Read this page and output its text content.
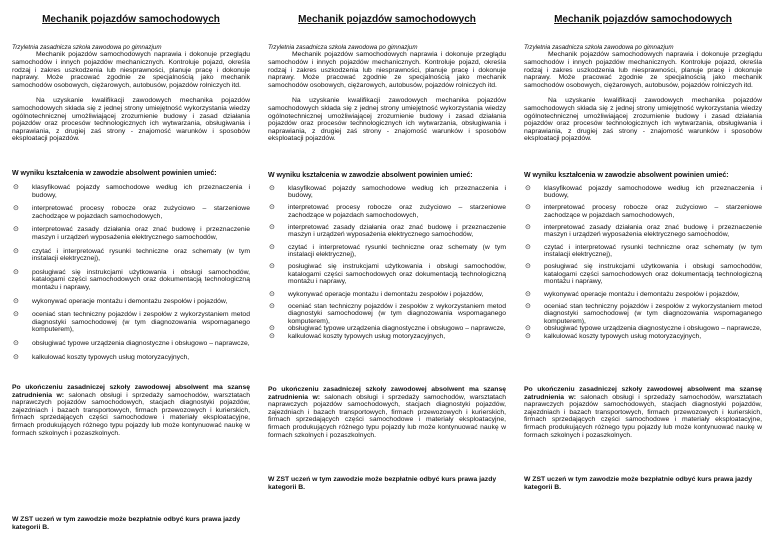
Mechanik pojazdów samochodowych
Trzyletnia zasadnicza szkoła zawodowa po gimnazjum
Mechanik pojazdów samochodowych naprawia i dokonuje przeglądu samochodów i innych pojazdów mechanicznych. Kontroluje pojazd, określa rodzaj i zakres uszkodzenia lub niesprawności, planuje pracę i dokonuje naprawy. Może pracować zgodnie ze specjalnością jako mechanik samochodów osobowych, ciężarowych, autobusów, pojazdów rolniczych itd.
Na uzyskanie kwalifikacji zawodowych mechanika pojazdów samochodowych składa się z jednej strony umiejętność wykorzystania wiedzy ogólnotechnicznej umożliwiającej zrozumienie budowy i zasad działania pojazdów oraz procesów technologicznych ich wytwarzania, obsługiwania i naprawiania, z drugiej zaś strony - znajomość warunków i sposobów eksploatacji pojazdów.
W wyniku kształcenia w zawodzie absolwent powinien umieć:
⊙ klasyfikować pojazdy samochodowe według ich przeznaczenia i budowy,
⊙ interpretować procesy robocze oraz zużyciowo – starzeniowe zachodzące w pojazdach samochodowych,
⊙ interpretować zasady działania oraz znać budowę i przeznaczenie maszyn i urządzeń wyposażenia elektrycznego samochodów,
⊙ czytać i interpretować rysunki techniczne oraz schematy (w tym instalacji elektrycznej),
⊙ posługiwać się instrukcjami użytkowania i obsługi samochodów, katalogami części samochodowych oraz dokumentacją technologiczną montażu i naprawy,
⊙ wykonywać operacje montażu i demontażu zespołów i pojazdów,
⊙ oceniać stan techniczny pojazdów i zespołów z wykorzystaniem metod diagnostyki samochodowej (w tym diagnozowania wspomaganego komputerem),
⊙ obsługiwać typowe urządzenia diagnostyczne i obsługowo – naprawcze,
⊙ kalkulować koszty typowych usług motoryzacyjnych,
Po ukończeniu zasadniczej szkoły zawodowej absolwent ma szansę zatrudnienia w: salonach obsługi i sprzedaży samochodów, warsztatach naprawczych pojazdów samochodowych, stacjach diagnostyki pojazdów, zajezdniach i bazach transportowych, firmach przewozowych i kurierskich, firmach sprzedających części samochodowe i materiały eksploatacyjne, firmach produkujących różnego typu pojazdy lub może kontynuować naukę w formach szkolnych i pozaszkolnych.
W ZST uczeń w tym zawodzie może bezpłatnie odbyć kurs prawa jazdy kategorii B.
Mechanik pojazdów samochodowych
Trzyletnia zasadnicza szkoła zawodowa po gimnazjum
Mechanik pojazdów samochodowych naprawia i dokonuje przeglądu samochodów i innych pojazdów mechanicznych. Kontroluje pojazd, określa rodzaj i zakres uszkodzenia lub niesprawności, planuje pracę i dokonuje naprawy. Może pracować zgodnie ze specjalnością jako mechanik samochodów osobowych, ciężarowych, autobusów, pojazdów rolniczych itd.
Na uzyskanie kwalifikacji zawodowych mechanika pojazdów samochodowych składa się z jednej strony umiejętność wykorzystania wiedzy ogólnotechnicznej umożliwiającej zrozumienie budowy i zasad działania pojazdów oraz procesów technologicznych ich wytwarzania, obsługiwania i naprawiania, z drugiej zaś strony - znajomość warunków i sposobów eksploatacji pojazdów.
W wyniku kształcenia w zawodzie absolwent powinien umieć:
⊙ klasyfikować pojazdy samochodowe według ich przeznaczenia i budowy,
⊙ interpretować procesy robocze oraz zużyciowo – starzeniowe zachodzące w pojazdach samochodowych,
⊙ interpretować zasady działania oraz znać budowę i przeznaczenie maszyn i urządzeń wyposażenia elektrycznego samochodów,
⊙ czytać i interpretować rysunki techniczne oraz schematy (w tym instalacji elektrycznej),
⊙ posługiwać się instrukcjami użytkowania i obsługi samochodów, katalogami części samochodowych oraz dokumentacją technologiczną montażu i naprawy,
⊙ wykonywać operacje montażu i demontażu zespołów i pojazdów,
⊙ oceniać stan techniczny pojazdów i zespołów z wykorzystaniem metod diagnostyki samochodowej (w tym diagnozowania wspomaganego komputerem),
⊙ obsługiwać typowe urządzenia diagnostyczne i obsługowo – naprawcze,
⊙ kalkulować koszty typowych usług motoryzacyjnych,
Po ukończeniu zasadniczej szkoły zawodowej absolwent ma szansę zatrudnienia w: salonach obsługi i sprzedaży samochodów, warsztatach naprawczych pojazdów samochodowych, stacjach diagnostyki pojazdów, zajezdniach i bazach transportowych, firmach przewozowych i kurierskich, firmach sprzedających części samochodowe i materiały eksploatacyjne, firmach produkujących różnego typu pojazdy lub może kontynuować naukę w formach szkolnych i pozaszkolnych.
W ZST uczeń w tym zawodzie może bezpłatnie odbyć kurs prawa jazdy kategorii B.
Mechanik pojazdów samochodowych
Trzyletnia zasadnicza szkoła zawodowa po gimnazjum
Mechanik pojazdów samochodowych naprawia i dokonuje przeglądu samochodów i innych pojazdów mechanicznych. Kontroluje pojazd, określa rodzaj i zakres uszkodzenia lub niesprawności, planuje pracę i dokonuje naprawy. Może pracować zgodnie ze specjalnością jako mechanik samochodów osobowych, ciężarowych, autobusów, pojazdów rolniczych itd.
Na uzyskanie kwalifikacji zawodowych mechanika pojazdów samochodowych składa się z jednej strony umiejętność wykorzystania wiedzy ogólnotechnicznej umożliwiającej zrozumienie budowy i zasad działania pojazdów oraz procesów technologicznych ich wytwarzania, obsługiwania i naprawiania, z drugiej zaś strony - znajomość warunków i sposobów eksploatacji pojazdów.
W wyniku kształcenia w zawodzie absolwent powinien umieć:
⊙ klasyfikować pojazdy samochodowe według ich przeznaczenia i budowy,
⊙ interpretować procesy robocze oraz zużyciowo – starzeniowe zachodzące w pojazdach samochodowych,
⊙ interpretować zasady działania oraz znać budowę i przeznaczenie maszyn i urządzeń wyposażenia elektrycznego samochodów,
⊙ czytać i interpretować rysunki techniczne oraz schematy (w tym instalacji elektrycznej),
⊙ posługiwać się instrukcjami użytkowania i obsługi samochodów, katalogami części samochodowych oraz dokumentacją technologiczną montażu i naprawy,
⊙ wykonywać operacje montażu i demontażu zespołów i pojazdów,
⊙ oceniać stan techniczny pojazdów i zespołów z wykorzystaniem metod diagnostyki samochodowej (w tym diagnozowania wspomaganego komputerem),
⊙ obsługiwać typowe urządzenia diagnostyczne i obsługowo – naprawcze,
⊙ kalkulować koszty typowych usług motoryzacyjnych,
Po ukończeniu zasadniczej szkoły zawodowej absolwent ma szansę zatrudnienia w: salonach obsługi i sprzedaży samochodów, warsztatach naprawczych pojazdów samochodowych, stacjach diagnostyki pojazdów, zajezdniach i bazach transportowych, firmach przewozowych i kurierskich, firmach sprzedających części samochodowe i materiały eksploatacyjne, firmach produkujących różnego typu pojazdy lub może kontynuować naukę w formach szkolnych i pozaszkolnych.
W ZST uczeń w tym zawodzie może bezpłatnie odbyć kurs prawa jazdy kategorii B.
